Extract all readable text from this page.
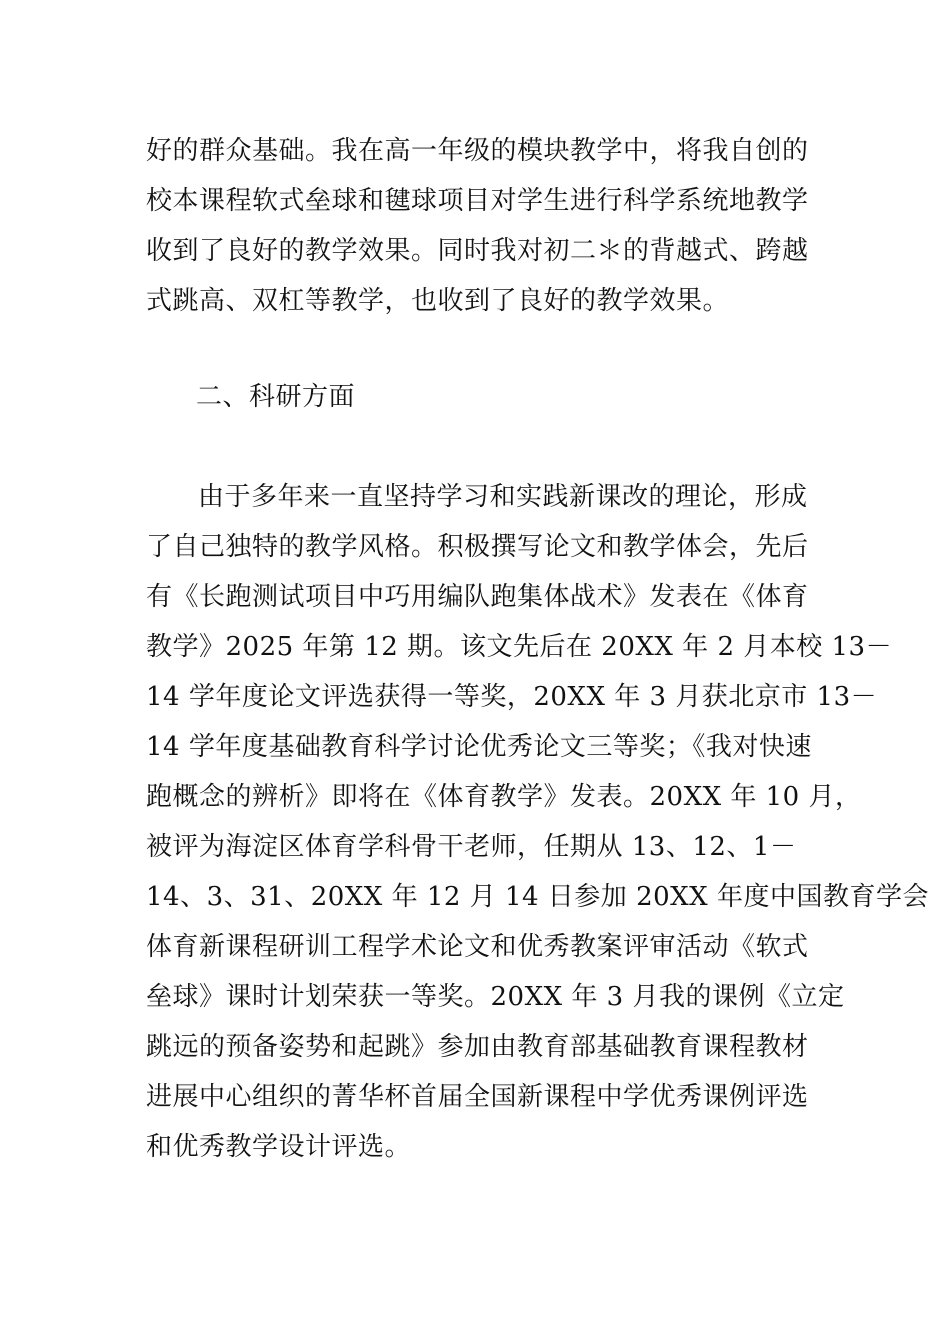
好的群众基础。我在高一年级的模块教学中，将我自创的
校本课程软式垒球和毽球项目对学生进行科学系统地教学
收到了良好的教学效果。同时我对初二＊的背越式、跨越
式跳高、双杠等教学，也收到了良好的教学效果。
二、科研方面
由于多年来一直坚持学习和实践新课改的理论，形成
了自己独特的教学风格。积极撰写论文和教学体会，先后
有《长跑测试项目中巧用编队跑集体战术》发表在《体育
教学》2025 年第 12 期。该文先后在 20XX 年 2 月本校 13－
14 学年度论文评选获得一等奖，20XX 年 3 月获北京市 13－
14 学年度基础教育科学讨论优秀论文三等奖；《我对快速
跑概念的辨析》即将在《体育教学》发表。20XX 年 10 月，
被评为海淀区体育学科骨干老师，任期从 13、12、1－
14、3、31、20XX 年 12 月 14 日参加 20XX 年度中国教育学会
体育新课程研训工程学术论文和优秀教案评审活动《软式
垒球》课时计划荣获一等奖。20XX 年 3 月我的课例《立定
跳远的预备姿势和起跳》参加由教育部基础教育课程教材
进展中心组织的菁华杯首届全国新课程中学优秀课例评选
和优秀教学设计评选。
